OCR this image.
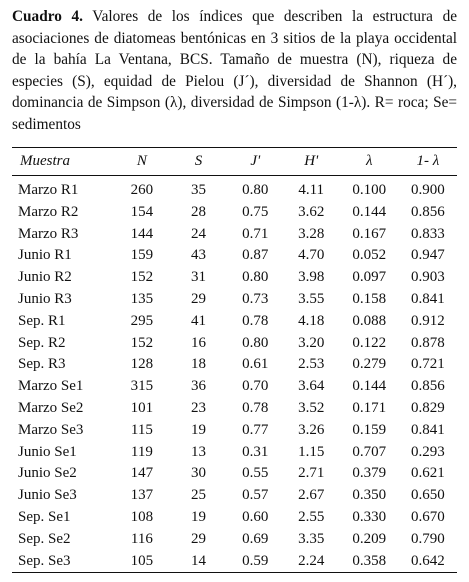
Cuadro 4. Valores de los índices que describen la estructura de asociaciones de diatomeas bentónicas en 3 sitios de la playa occidental de la bahía La Ventana, BCS. Tamaño de muestra (N), riqueza de especies (S), equidad de Pielou (J´), diversidad de Shannon (H´), dominancia de Simpson (λ), diversidad de Simpson (1-λ). R= roca; Se= sedimentos

Muestra	N	S	J'	H'	λ	1- λ
Marzo R1	260	35	0.80	4.11	0.100	0.900
Marzo R2	154	28	0.75	3.62	0.144	0.856
Marzo R3	144	24	0.71	3.28	0.167	0.833
Junio R1	159	43	0.87	4.70	0.052	0.947
Junio R2	152	31	0.80	3.98	0.097	0.903
Junio R3	135	29	0.73	3.55	0.158	0.841
Sep. R1	295	41	0.78	4.18	0.088	0.912
Sep. R2	152	16	0.80	3.20	0.122	0.878
Sep. R3	128	18	0.61	2.53	0.279	0.721
Marzo Se1	315	36	0.70	3.64	0.144	0.856
Marzo Se2	101	23	0.78	3.52	0.171	0.829
Marzo Se3	115	19	0.77	3.26	0.159	0.841
Junio Se1	119	13	0.31	1.15	0.707	0.293
Junio Se2	147	30	0.55	2.71	0.379	0.621
Junio Se3	137	25	0.57	2.67	0.350	0.650
Sep. Se1	108	19	0.60	2.55	0.330	0.670
Sep. Se2	116	29	0.69	3.35	0.209	0.790
Sep. Se3	105	14	0.59	2.24	0.358	0.642
